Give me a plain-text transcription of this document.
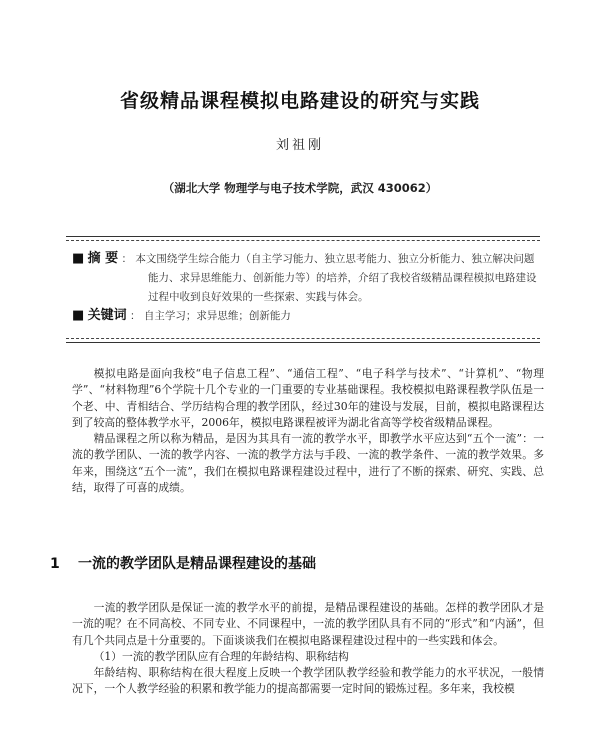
省级精品课程模拟电路建设的研究与实践
刘祖刚
（湖北大学 物理学与电子技术学院，武汉 430062）
■ 摘 要 ： 本文围绕学生综合能力（自主学习能力、独立思考能力、独立分析能力、独立解决问题能力、求异思维能力、创新能力等）的培养，介绍了我校省级精品课程模拟电路建设过程中收到良好效果的一些探索、实践与体会。
■ 关键词 ： 自主学习；求异思维；创新能力

模拟电路是面向我校“电子信息工程”、“通信工程”、“电子科学与技术”、“计算机”、“物理学”、“材料物理”6个学院十几个专业的一门重要的专业基础课程。我校模拟电路课程教学队伍是一个老、中、青相结合、学历结构合理的教学团队，经过30年的建设与发展，目前，模拟电路课程达到了较高的整体教学水平，2006年，模拟电路课程被评为湖北省高等学校省级精品课程。

精品课程之所以称为精品，是因为其具有一流的教学水平，即教学水平应达到“五个一流”：一流的教学团队、一流的教学内容、一流的教学方法与手段、一流的教学条件、一流的教学效果。多年来，围绕这“五个一流”，我们在模拟电路课程建设过程中，进行了不断的探索、研究、实践、总结，取得了可喜的成绩。

1 一流的教学团队是精品课程建设的基础

一流的教学团队是保证一流的教学水平的前提，是精品课程建设的基础。怎样的教学团队才是一流的呢？在不同高校、不同专业、不同课程中，一流的教学团队具有不同的“形式”和“内涵”，但有几个共同点是十分重要的。下面谈谈我们在模拟电路课程建设过程中的一些实践和体会。

（1）一流的教学团队应有合理的年龄结构、职称结构

年龄结构、职称结构在很大程度上反映一个教学团队教学经验和教学能力的水平状况，一般情况下，一个人教学经验的积累和教学能力的提高都需要一定时间的锻炼过程。多年来，我校模
